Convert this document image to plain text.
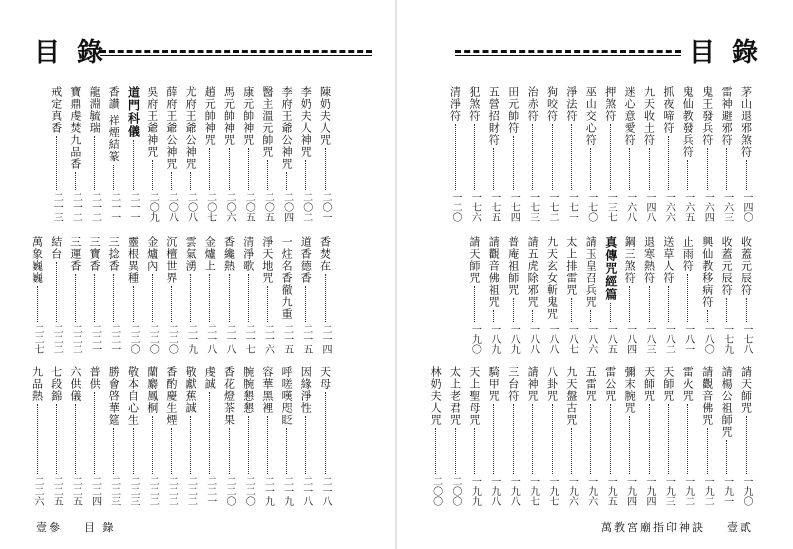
目 錄
陳奶夫人咒
二〇一
李奶夫人神咒
二〇二
李府王爺公神咒
二〇四
醫主溫元帥咒
二〇五
康元帥神咒
二〇五
馬元帥神咒
二〇六
趙元帥神咒
二〇七
尤府王爺公神咒
二〇八
薛府王爺公神咒
二〇八
吳府王爺神咒
二〇九
道門科儀
二一一
香讚 祥煙結篆
二一一
龍淵毓瑞
二一二
寶鼎虔焚九品香
二一二
戒定真香
二一三
香焚在
二一四
道香德香
二一五
一炷名香徹九重
二一五
淨天地咒
二一六
清淨歌
二一七
香纔熱
二一八
金爐上
二一八
雲氣湧
二一九
沉檀世界
二二〇
金爐內
二二〇
靈根異種
二二〇
三捻香
二二一
三寶香
二二一
三運香
二二二
結台
二二二
萬象巍巍
二二七
天母
二一八
因緣淨性
二一八
呼嗟嘆咫眨
二一九
容華黑裡
二一九
腕腕懇懇
二二〇
香花燈茶果
二二〇
虔誠
二二一
敬獻蕉誠
二二二
香酌慶生煙
二二二
蘭麝鳳桐
二二二
敬本自心生
二二三
勝會啓華筵
二二三
普供
二二四
六供儀
二二五
七段錦
二二五
九品熱
二二六
壹參 目 錄
目 錄
茅山退邪煞符
一四〇
雷神避邪符
一六三
鬼王發兵符
一六四
鬼仙教發兵符
一六五
抓夜啼符
一六六
九天收土符
一四八
迷心意愛符
一六八
押煞符
一三七
巫山交心符
一七〇
淨法符
一七一
狗咬符
一七二
治赤符
一七三
田元帥符
一七四
五營招財符
一七五
犯煞符
一七六
清淨符
一二〇
收蓋元辰符
一七八
收蓋元辰符
一七九
興仙教移病符
一八〇
止雨符
一八一
送草人符
一八二
退寒熱符
一八三
鋼三煞符
一八四
真傳咒經篇
一八五
請玉皇召兵咒
一八六
太上排雷咒
一八七
九天玄女斬鬼咒
一八八
請五虎除邪咒
一八八
普庵祖師咒
一八九
請觀音佛祖咒
一八九
請天師咒
一九〇
請天師咒
一九〇
請楊公祖師咒
一九一
請觀音佛咒
一九二
雷火咒
一九二
天師咒
一九三
天師咒
一九四
彌末腕咒
一九四
雷公咒
一九五
五雷咒
一九六
九天盤古咒
一九六
八卦咒
一九七
請神咒
一九七
三台符
一九八
騎甲咒
一九八
天上聖母咒
一九九
太上老君咒
二〇〇
林奶夫人咒
二〇〇
萬教宮廟指印神訣 壹貳
